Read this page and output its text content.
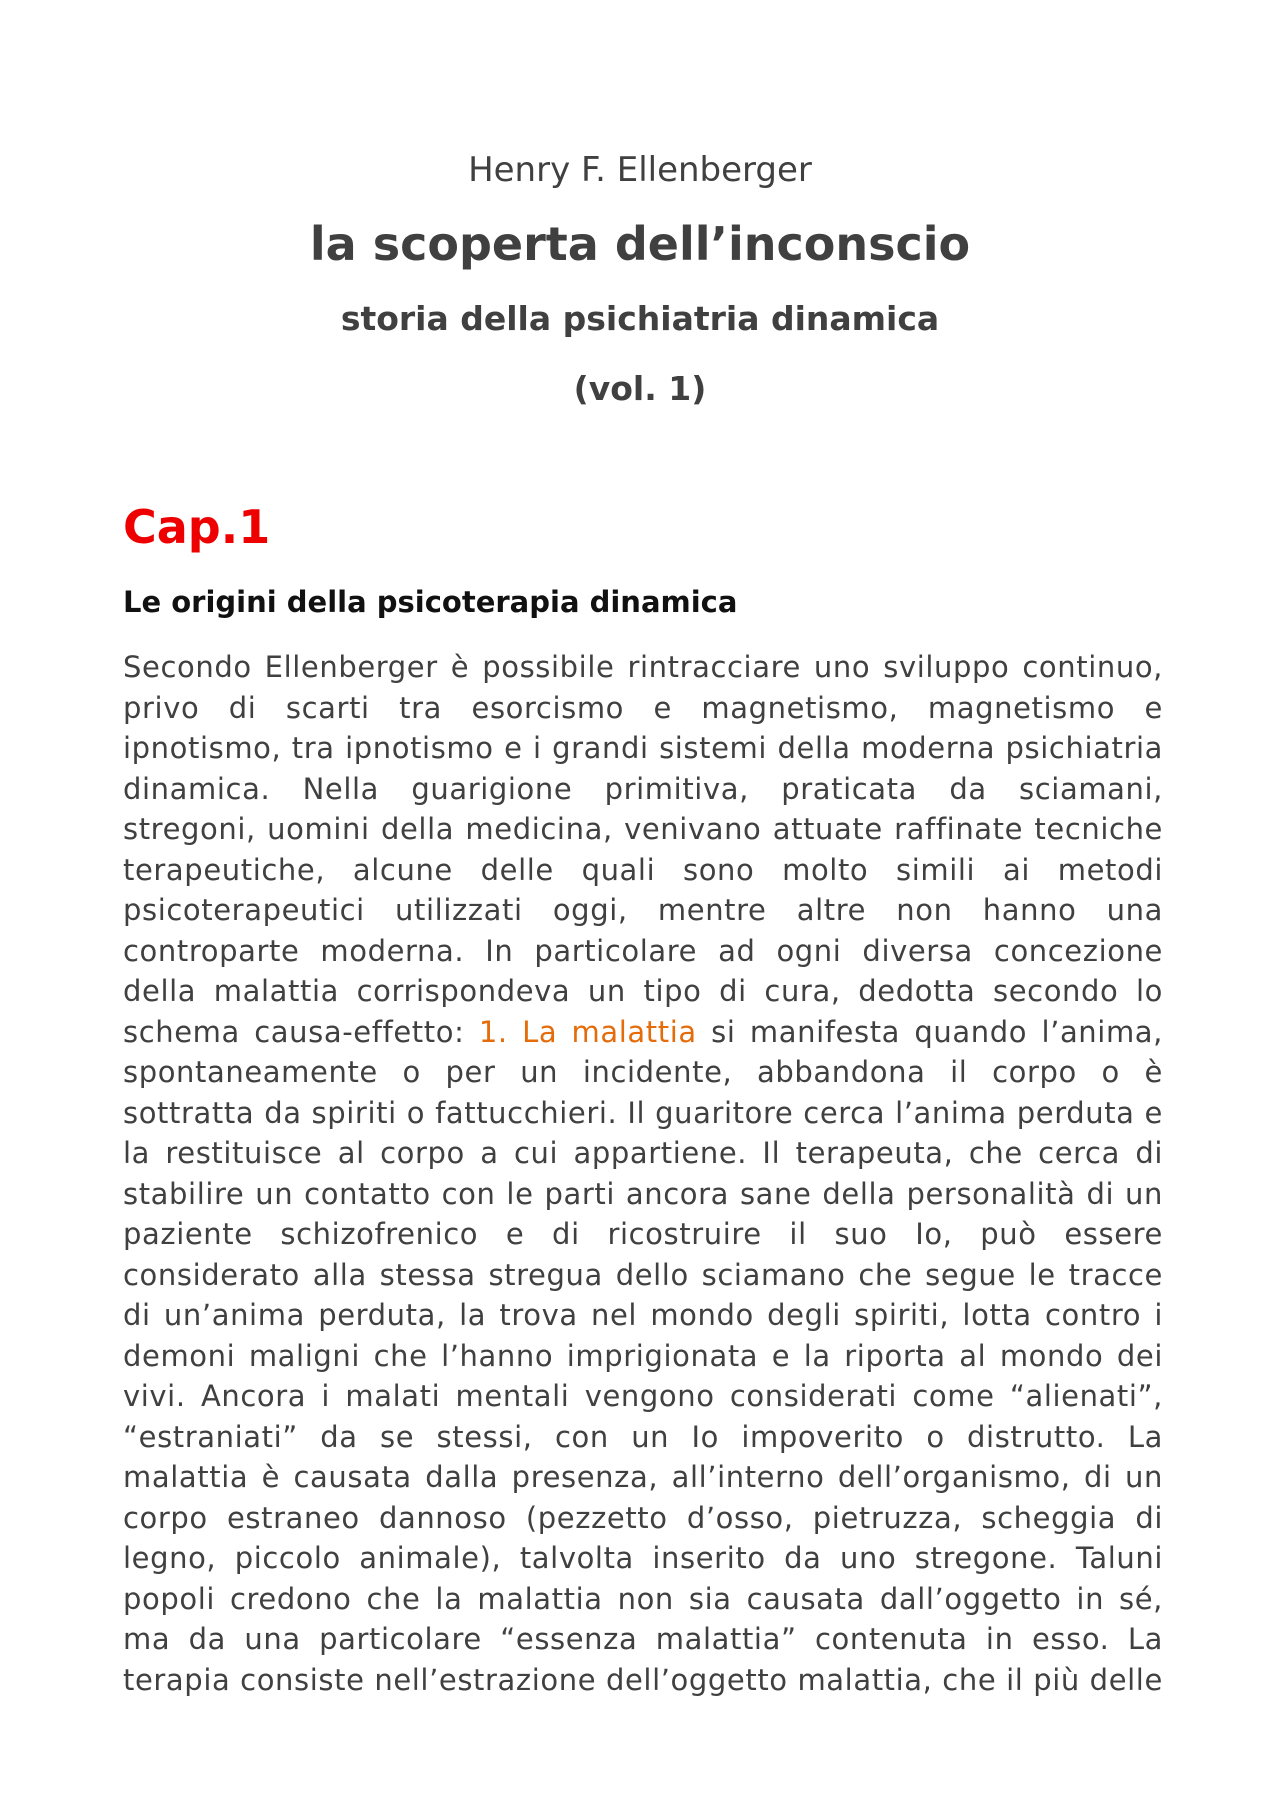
Henry F. Ellenberger
la scoperta dell’inconscio
storia della psichiatria dinamica
(vol. 1)
Cap.1
Le origini della psicoterapia dinamica

Secondo Ellenberger è possibile rintracciare uno sviluppo continuo, privo di scarti tra esorcismo e magnetismo, magnetismo e ipnotismo, tra ipnotismo e i grandi sistemi della moderna psichiatria dinamica. Nella guarigione primitiva, praticata da sciamani, stregoni, uomini della medicina, venivano attuate raffinate tecniche terapeutiche, alcune delle quali sono molto simili ai metodi psicoterapeutici utilizzati oggi, mentre altre non hanno una controparte moderna. In particolare ad ogni diversa concezione della malattia corrispondeva un tipo di cura, dedotta secondo lo schema causa-effetto: 1. La malattia si manifesta quando l’anima, spontaneamente o per un incidente, abbandona il corpo o è sottratta da spiriti o fattucchieri. Il guaritore cerca l’anima perduta e la restituisce al corpo a cui appartiene. Il terapeuta, che cerca di stabilire un contatto con le parti ancora sane della personalità di un paziente schizofrenico e di ricostruire il suo Io, può essere considerato alla stessa stregua dello sciamano che segue le tracce di un’anima perduta, la trova nel mondo degli spiriti, lotta contro i demoni maligni che l’hanno imprigionata e la riporta al mondo dei vivi. Ancora i malati mentali vengono considerati come “alienati”, “estraniati” da se stessi, con un Io impoverito o distrutto. La malattia è causata dalla presenza, all’interno dell’organismo, di un corpo estraneo dannoso (pezzetto d’osso, pietruzza, scheggia di legno, piccolo animale), talvolta inserito da uno stregone. Taluni popoli credono che la malattia non sia causata dall’oggetto in sé, ma da una particolare “essenza malattia” contenuta in esso. La terapia consiste nell’estrazione dell’oggetto malattia, che il più delle
